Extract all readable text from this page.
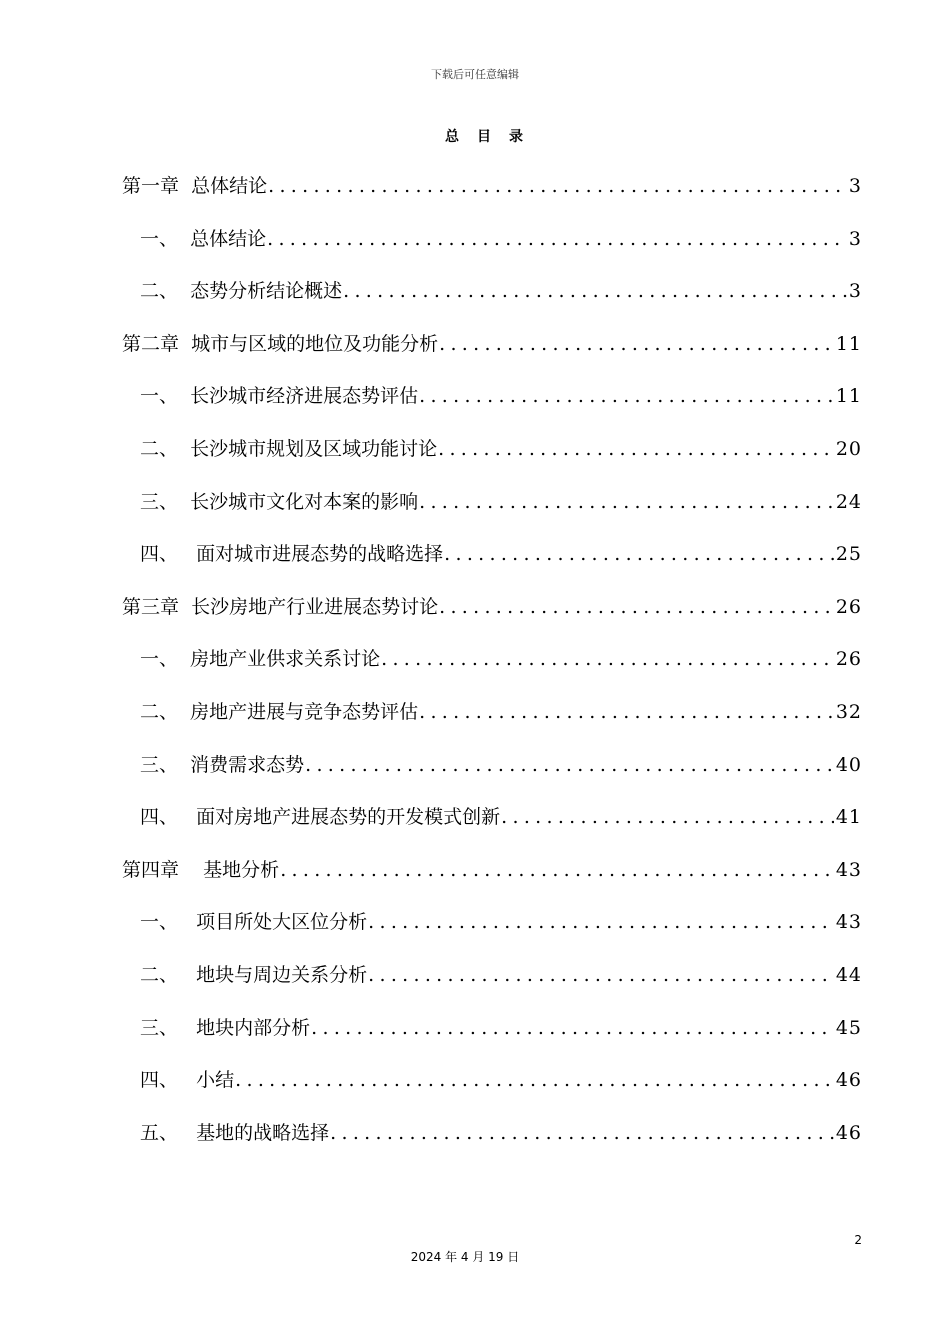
下载后可任意编辑
总目录
第一章 总体结论 .....	3
一、 总体结论 .....	3
二、 态势分析结论概述 .....	3
第二章 城市与区域的地位及功能分析 .....	11
一、 长沙城市经济进展态势评估 .....	11
二、 长沙城市规划及区域功能讨论 .....	20
三、 长沙城市文化对本案的影响 .....	24
四、 面对城市进展态势的战略选择 .....	25
第三章 长沙房地产行业进展态势讨论 .....	26
一、 房地产业供求关系讨论 .....	26
二、 房地产进展与竞争态势评估 .....	32
三、 消费需求态势 .....	40
四、 面对房地产进展态势的开发模式创新 .....	41
第四章 基地分析 .....	43
一、 项目所处大区位分析 .....	43
二、 地块与周边关系分析 .....	44
三、 地块内部分析 .....	45
四、 小结 .....	46
五、 基地的战略选择 .....	46
2
2024 年 4 月 19 日
